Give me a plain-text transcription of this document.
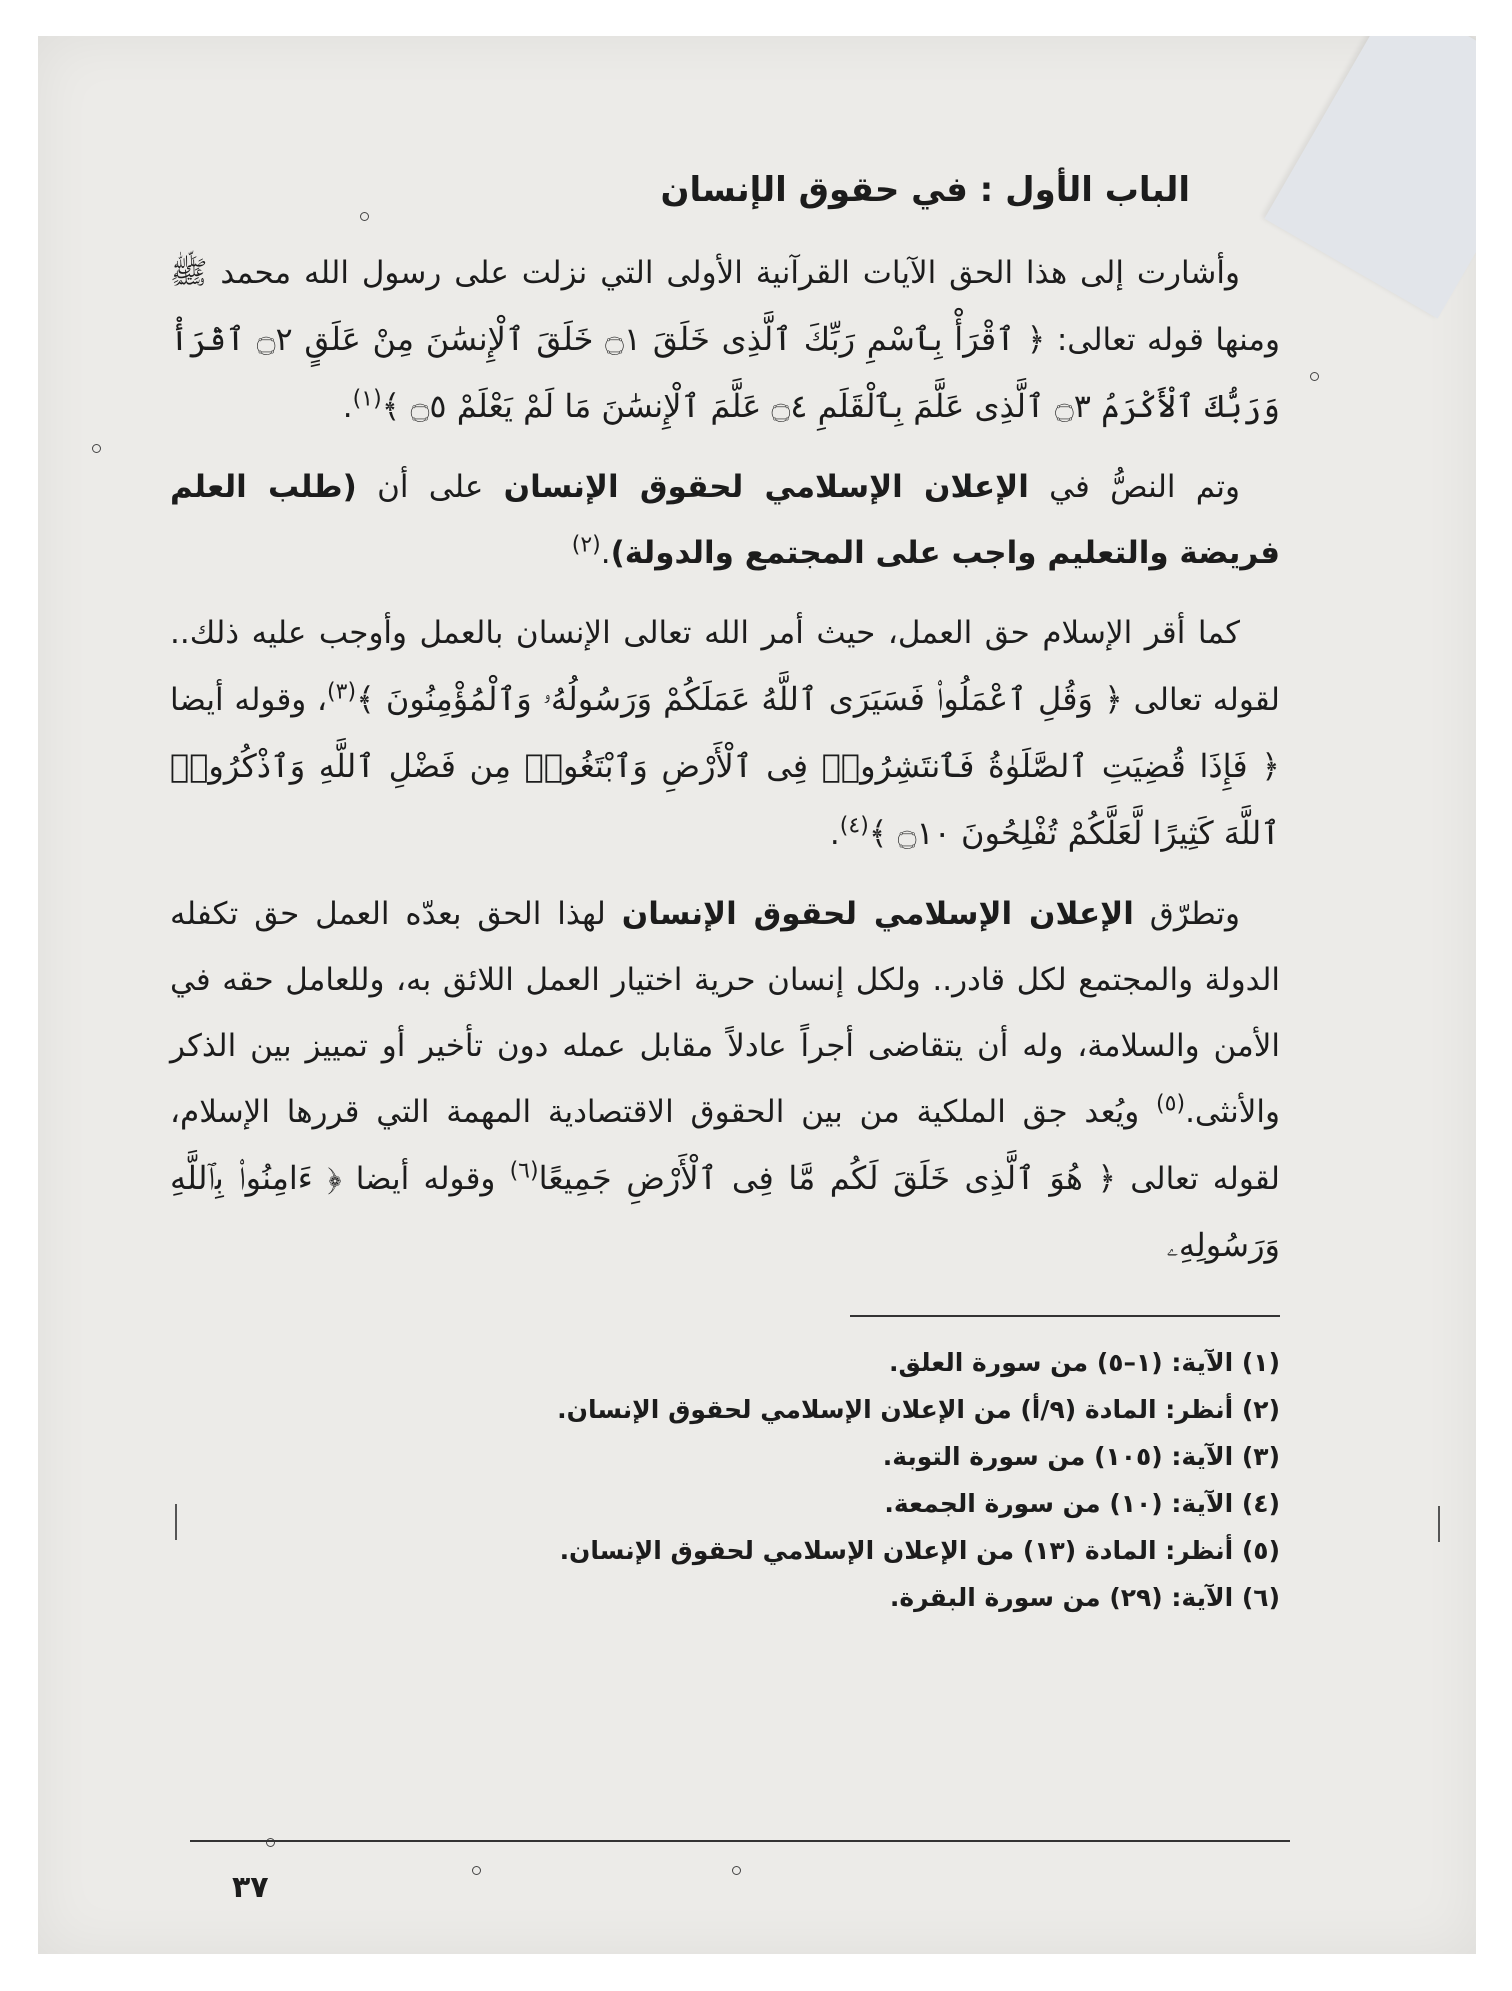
الباب الأول : في حقوق الإنسان

وأشارت إلى هذا الحق الآيات القرآنية الأولى التي نزلت على رسول الله محمد ﷺ ومنها قوله تعالى: ﴿ ٱقْرَأْ بِٱسْمِ رَبِّكَ ٱلَّذِى خَلَقَ ۝١ خَلَقَ ٱلْإِنسَٰنَ مِنْ عَلَقٍ ۝٢ ٱقْرَأْ وَرَبُّكَ ٱلْأَكْرَمُ ۝٣ ٱلَّذِى عَلَّمَ بِٱلْقَلَمِ ۝٤ عَلَّمَ ٱلْإِنسَٰنَ مَا لَمْ يَعْلَمْ ۝٥ ﴾$^{(١)}$.

وتم النصُّ في الإعلان الإسلامي لحقوق الإنسان على أن (طلب العلم فريضة والتعليم واجب على المجتمع والدولة).$^{(٢)}$

كما أقر الإسلام حق العمل، حيث أمر الله تعالى الإنسان بالعمل وأوجب عليه ذلك.. لقوله تعالى ﴿ وَقُلِ ٱعْمَلُوا۟ فَسَيَرَى ٱللَّهُ عَمَلَكُمْ وَرَسُولُهُۥ وَٱلْمُؤْمِنُونَ ﴾$^{(٣)}$، وقوله أيضا ﴿ فَإِذَا قُضِيَتِ ٱلصَّلَوٰةُ فَٱنتَشِرُوا۟ فِى ٱلْأَرْضِ وَٱبْتَغُوا۟ مِن فَضْلِ ٱللَّهِ وَٱذْكُرُوا۟ ٱللَّهَ كَثِيرًا لَّعَلَّكُمْ تُفْلِحُونَ ۝١٠ ﴾$^{(٤)}$.

وتطرّق الإعلان الإسلامي لحقوق الإنسان لهذا الحق بعدّه العمل حق تكفله الدولة والمجتمع لكل قادر.. ولكل إنسان حرية اختيار العمل اللائق به، وللعامل حقه في الأمن والسلامة، وله أن يتقاضى أجراً عادلاً مقابل عمله دون تأخير أو تمييز بين الذكر والأنثى.$^{(٥)}$ ويُعد جق الملكية من بين الحقوق الاقتصادية المهمة التي قررها الإسلام، لقوله تعالى ﴿ هُوَ ٱلَّذِى خَلَقَ لَكُم مَّا فِى ٱلْأَرْضِ جَمِيعًا$^{(٦)}$ وقوله أيضا ﴿ ءَامِنُوا۟ بِٱللَّهِ وَرَسُولِهِۦ

(١) الآية: (١–٥) من سورة العلق.
(٢) أنظر: المادة (٩/أ) من الإعلان الإسلامي لحقوق الإنسان.
(٣) الآية: (١٠٥) من سورة التوبة.
(٤) الآية: (١٠) من سورة الجمعة.
(٥) أنظر: المادة (١٣) من الإعلان الإسلامي لحقوق الإنسان.
(٦) الآية: (٢٩) من سورة البقرة.
٣٧
